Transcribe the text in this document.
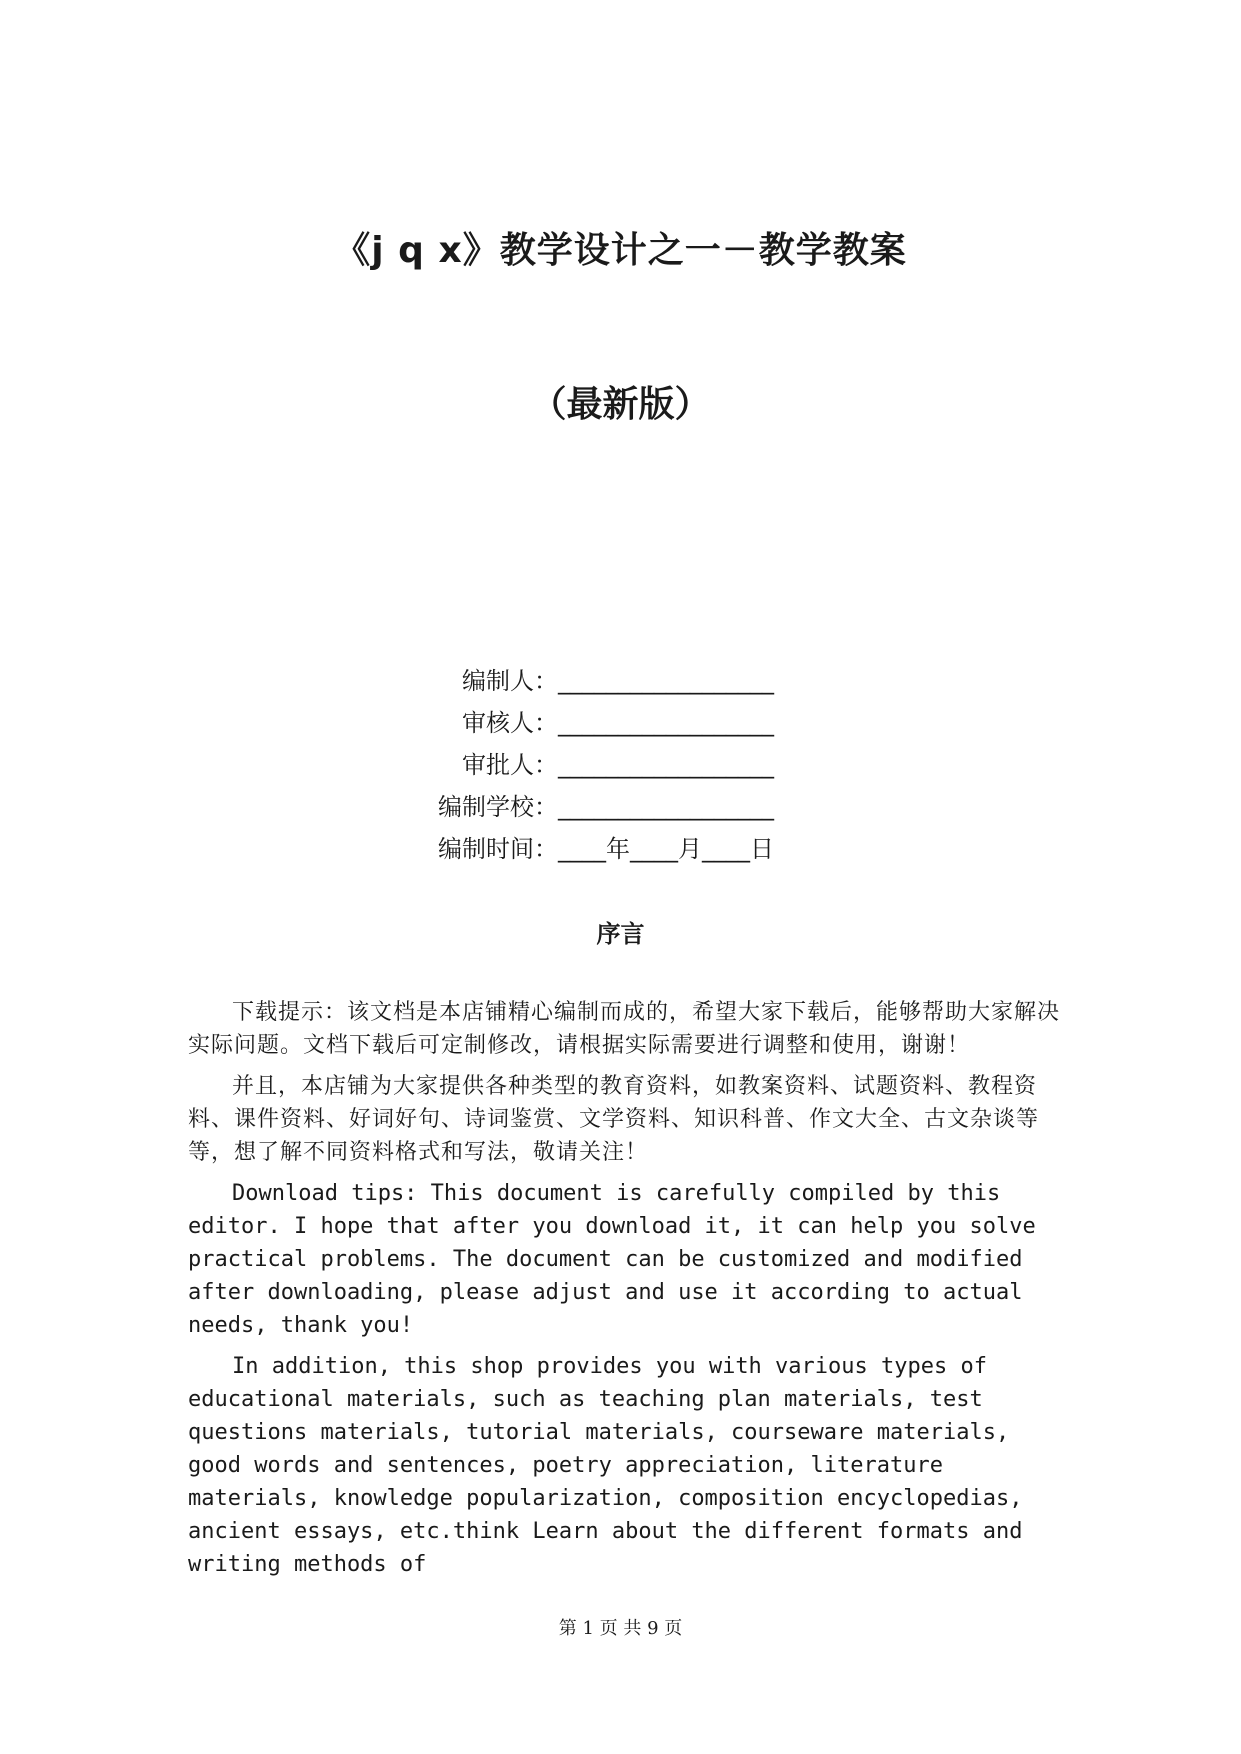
《j q x》教学设计之一－教学教案
（最新版）
编制人：__________________
审核人：__________________
审批人：__________________
编制学校：__________________
编制时间：____年____月____日
序言

下载提示：该文档是本店铺精心编制而成的，希望大家下载后，能够帮助大家解决实际问题。文档下载后可定制修改，请根据实际需要进行调整和使用，谢谢！

并且，本店铺为大家提供各种类型的教育资料，如教案资料、试题资料、教程资料、课件资料、好词好句、诗词鉴赏、文学资料、知识科普、作文大全、古文杂谈等等，想了解不同资料格式和写法，敬请关注！

Download tips: This document is carefully compiled by this editor. I hope that after you download it, it can help you solve practical problems. The document can be customized and modified after downloading, please adjust and use it according to actual needs, thank you!

In addition, this shop provides you with various types of educational materials, such as teaching plan materials, test questions materials, tutorial materials, courseware materials, good words and sentences, poetry appreciation, literature materials, knowledge popularization, composition encyclopedias, ancient essays, etc.think Learn about the different formats and writing methods of

第 1 页 共 9 页
